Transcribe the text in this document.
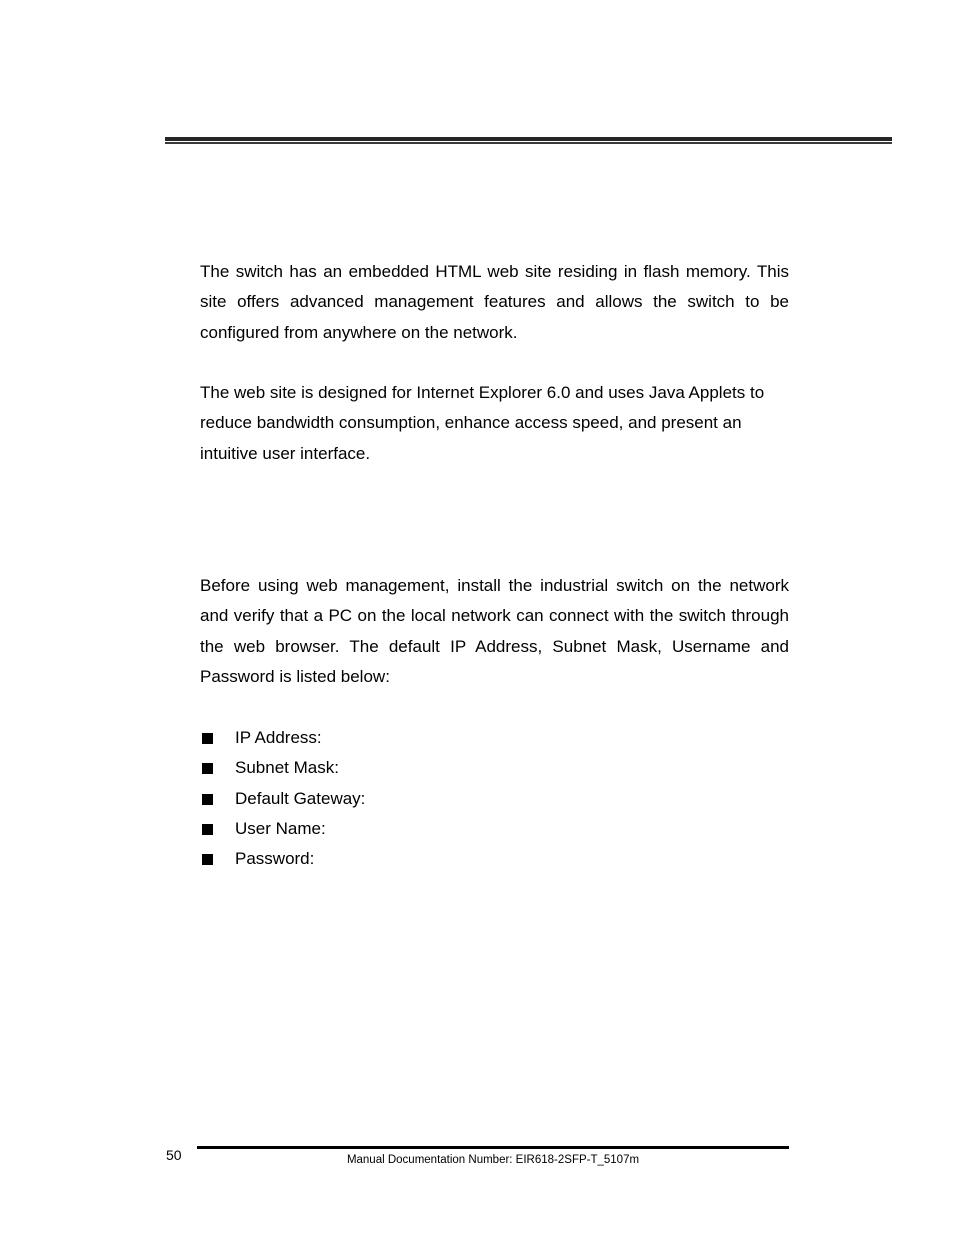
The switch has an embedded HTML web site residing in flash memory. This site offers advanced management features and allows the switch to be configured from anywhere on the network.

The web site is designed for Internet Explorer 6.0 and uses Java Applets to reduce bandwidth consumption, enhance access speed, and present an intuitive user interface.

Before using web management, install the industrial switch on the network and verify that a PC on the local network can connect with the switch through the web browser. The default IP Address, Subnet Mask, Username and Password is listed below:

IP Address:
Subnet Mask:
Default Gateway:
User Name:
Password:
50	Manual Documentation Number: EIR618-2SFP-T_5107m
